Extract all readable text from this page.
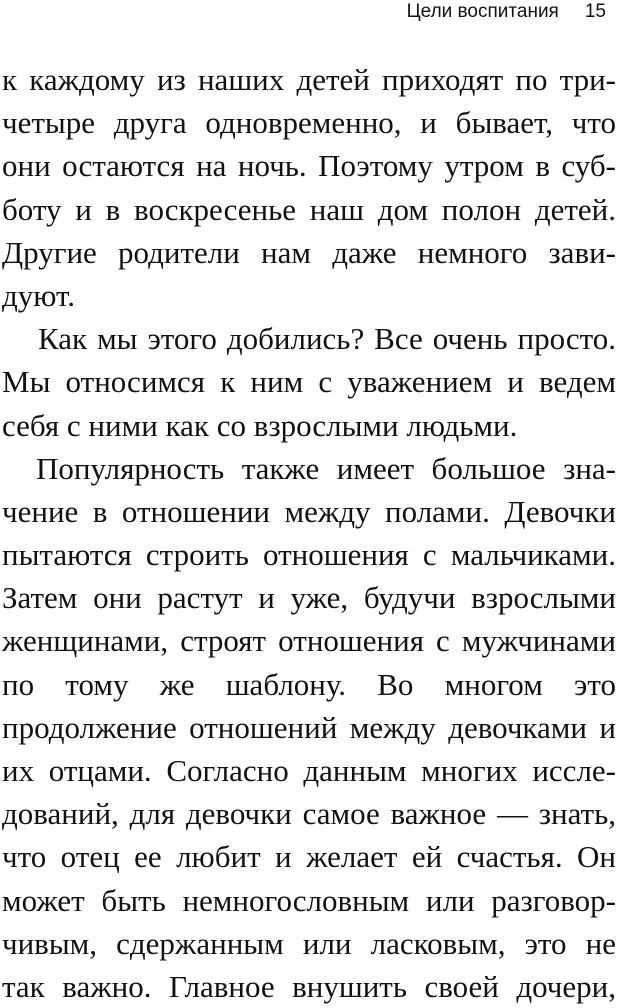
Цели воспитания 15
к каждому из наших детей приходят по три-
четыре друга одновременно, и бывает, что
они остаются на ночь. Поэтому утром в суб-
боту и в воскресенье наш дом полон детей.
Другие родители нам даже немного зави-
дуют.
Как мы этого добились? Все очень просто.
Мы относимся к ним с уважением и ведем
себя с ними как со взрослыми людьми.
Популярность также имеет большое зна-
чение в отношении между полами. Девочки
пытаются строить отношения с мальчиками.
Затем они растут и уже, будучи взрослыми
женщинами, строят отношения с мужчинами
по тому же шаблону. Во многом это
продолжение отношений между девочками и
их отцами. Согласно данным многих иссле-
дований, для девочки самое важное — знать,
что отец ее любит и желает ей счастья. Он
может быть немногословным или разговор-
чивым, сдержанным или ласковым, это не
так важно. Главное внушить своей дочери,
